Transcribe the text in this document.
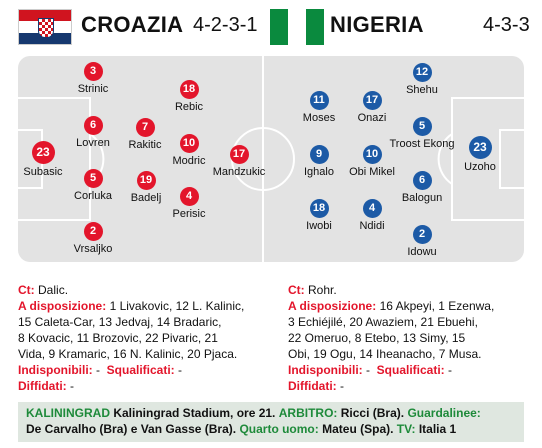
CROAZIA 4-2-3-1	NIGERIA	4-3-3
3
Strinic	18
Rebic
6
Lovren
7
Rakitic	10
Modric
17
Mandzukic
23
Subasic	5
Corluka
19
Badelj	4
Perisic
2
Vrsaljko
11
Moses
17
Onazi
12
Shehu
5
Troost Ekong	23
Uzoho
9
Ighalo
10
Obi Mikel
6
Balogun
18
Iwobi
4
Ndidi
2
Idowu
Ct: Dalic.
A disposizione: 1 Livakovic, 12 L. Kalinic,
15 Caleta-Car, 13 Jedvaj, 14 Bradaric,
8 Kovacic, 11 Brozovic, 22 Pivaric, 21
Vida, 9 Kramaric, 16 N. Kalinic, 20 Pjaca.
Indisponibili: - Squalificati: -
Diffidati: -
Ct: Rohr.
A disposizione: 16 Akpeyi, 1 Ezenwa,
3 Echiéjilé, 20 Awaziem, 21 Ebuehi,
22 Omeruo, 8 Etebo, 13 Simy, 15
Obi, 19 Ogu, 14 Iheanacho, 7 Musa.
Indisponibili: - Squalificati: -
Diffidati: -
KALININGRAD Kaliningrad Stadium, ore 21. ARBITRO: Ricci (Bra). Guardalinee:
De Carvalho (Bra) e Van Gasse (Bra). Quarto uomo: Mateu (Spa). TV: Italia 1
